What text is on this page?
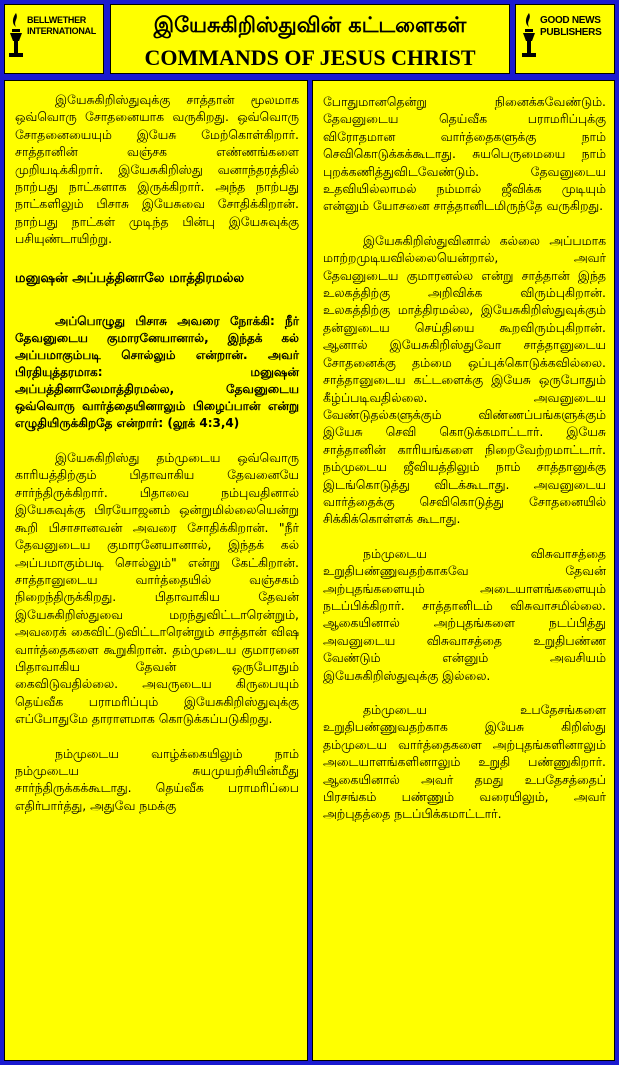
BELLWETHER
INTERNATIONAL	இயேசுகிறிஸ்துவின் கட்டளைகள்
COMMANDS OF JESUS CHRIST
GOOD NEWS
PUBLISHERS

இயேசுகிறிஸ்துவுக்கு சாத்தான் மூலமாக ஒவ்வொரு சோதனையாக வருகிறது. ஒவ்வொரு சோதனையையும் இயேசு மேற்கொள்கிறார். சாத்தானின் வஞ்சக எண்ணங்களை முறியடிக்கிறார். இயேசுகிறிஸ்து வனாந்தரத்தில் நாற்பது நாட்களாக இருக்கிறார். அந்த நாற்பது நாட்களிலும் பிசாசு இயேசுவை சோதிக்கிறான். நாற்பது நாட்கள் முடிந்த பின்பு இயேசுவுக்கு பசியுண்டாயிற்று.

மனுஷன் அப்பத்தினாலே மாத்திரமல்ல

அப்பொழுது பிசாசு அவரை நோக்கி: நீர் தேவனுடைய குமாரனேயானால், இந்தக் கல் அப்பமாகும்படி சொல்லும் என்றான். அவர் பிரதியுத்தரமாக: மனுஷன் அப்பத்தினாலேமாத்திரமல்ல, தேவனுடைய ஒவ்வொரு வார்த்தையினாலும் பிழைப்பான் என்று எழுதியிருக்கிறதே என்றார்: (லூக் 4:3,4)

இயேசுகிறிஸ்து தம்முடைய ஒவ்வொரு காரியத்திற்கும் பிதாவாகிய தேவனையே சார்ந்திருக்கிறார். பிதாவை நம்புவதினால் இயேசுவுக்கு பிரயோஜனம் ஒன்றுமில்லையென்று கூறி பிசாசானவன் அவரை சோதிக்கிறான். "நீர் தேவனுடைய குமாரனேயானால், இந்தக் கல் அப்பமாகும்படி சொல்லும்" என்று கேட்கிறான். சாத்தானுடைய வார்த்தையில் வஞ்சகம் நிறைந்திருக்கிறது. பிதாவாகிய தேவன் இயேசுகிறிஸ்துவை மறந்துவிட்டாரென்றும், அவரைக் கைவிட்டுவிட்டாரென்றும் சாத்தான் விஷ வார்த்தைகளை கூறுகிறான். தம்முடைய குமாரனை பிதாவாகிய தேவன் ஒருபோதும் கைவிடுவதில்லை. அவருடைய கிருபையும் தெய்வீக பராமரிப்பும் இயேசுகிறிஸ்துவுக்கு எப்போதுமே தாராளமாக கொடுக்கப்படுகிறது.

நம்முடைய வாழ்க்கையிலும் நாம் நம்முடைய சுயமுயற்சியின்மீது சார்ந்திருக்கக்கூடாது. தெய்வீக பராமரிப்பை எதிர்பார்த்து, அதுவே நமக்கு

போதுமானதென்று நினைக்கவேண்டும். தேவனுடைய தெய்வீக பராமரிப்புக்கு விரோதமான வார்த்தைகளுக்கு நாம் செவிகொடுக்கக்கூடாது. சுயபெருமையை நாம் புறக்கணித்துவிடவேண்டும். தேவனுடைய உதவியில்லாமல் நம்மால் ஜீவிக்க முடியும் என்னும் யோசனை சாத்தானிடமிருந்தே வருகிறது.

இயேசுகிறிஸ்துவினால் கல்லை அப்பமாக மாற்றமுடியவில்லையென்றால், அவர் தேவனுடைய குமாரனல்ல என்று சாத்தான் இந்த உலகத்திற்கு அறிவிக்க விரும்புகிறான். உலகத்திற்கு மாத்திரமல்ல, இயேசுகிறிஸ்துவுக்கும் தன்னுடைய செய்தியை கூறவிரும்புகிறான். ஆனால் இயேசுகிறிஸ்துவோ சாத்தானுடைய சோதனைக்கு தம்மை ஒப்புக்கொடுக்கவில்லை. சாத்தானுடைய கட்டளைக்கு இயேசு ஒருபோதும் கீழ்ப்படிவதில்லை. அவனுடைய வேண்டுதல்களுக்கும் விண்ணப்பங்களுக்கும் இயேசு செவி கொடுக்கமாட்டார். இயேசு சாத்தானின் காரியங்களை நிறைவேற்றமாட்டார். நம்முடைய ஜீவியத்திலும் நாம் சாத்தானுக்கு இடங்கொடுத்து விடக்கூடாது. அவனுடைய வார்த்தைக்கு செவிகொடுத்து சோதனையில் சிக்கிக்கொள்ளக் கூடாது.

நம்முடைய விசுவாசத்தை உறுதிபண்ணுவதற்காகவே தேவன் அற்புதங்களையும் அடையாளங்களையும் நடப்பிக்கிறார். சாத்தானிடம் விசுவாசமில்லை. ஆகையினால் அற்புதங்களை நடப்பித்து அவனுடைய விசுவாசத்தை உறுதிபண்ண வேண்டும் என்னும் அவசியம் இயேசுகிறிஸ்துவுக்கு இல்லை.

தம்முடைய உபதேசங்களை உறுதிபண்ணுவதற்காக இயேசு கிறிஸ்து தம்முடைய வார்த்தைகளை அற்புதங்களினாலும் அடையாளங்களினாலும் உறுதி பண்ணுகிறார். ஆகையினால் அவர் தமது உபதேசத்தைப் பிரசங்கம் பண்ணும் வரையிலும், அவர் அற்புதத்தை நடப்பிக்கமாட்டார்.
